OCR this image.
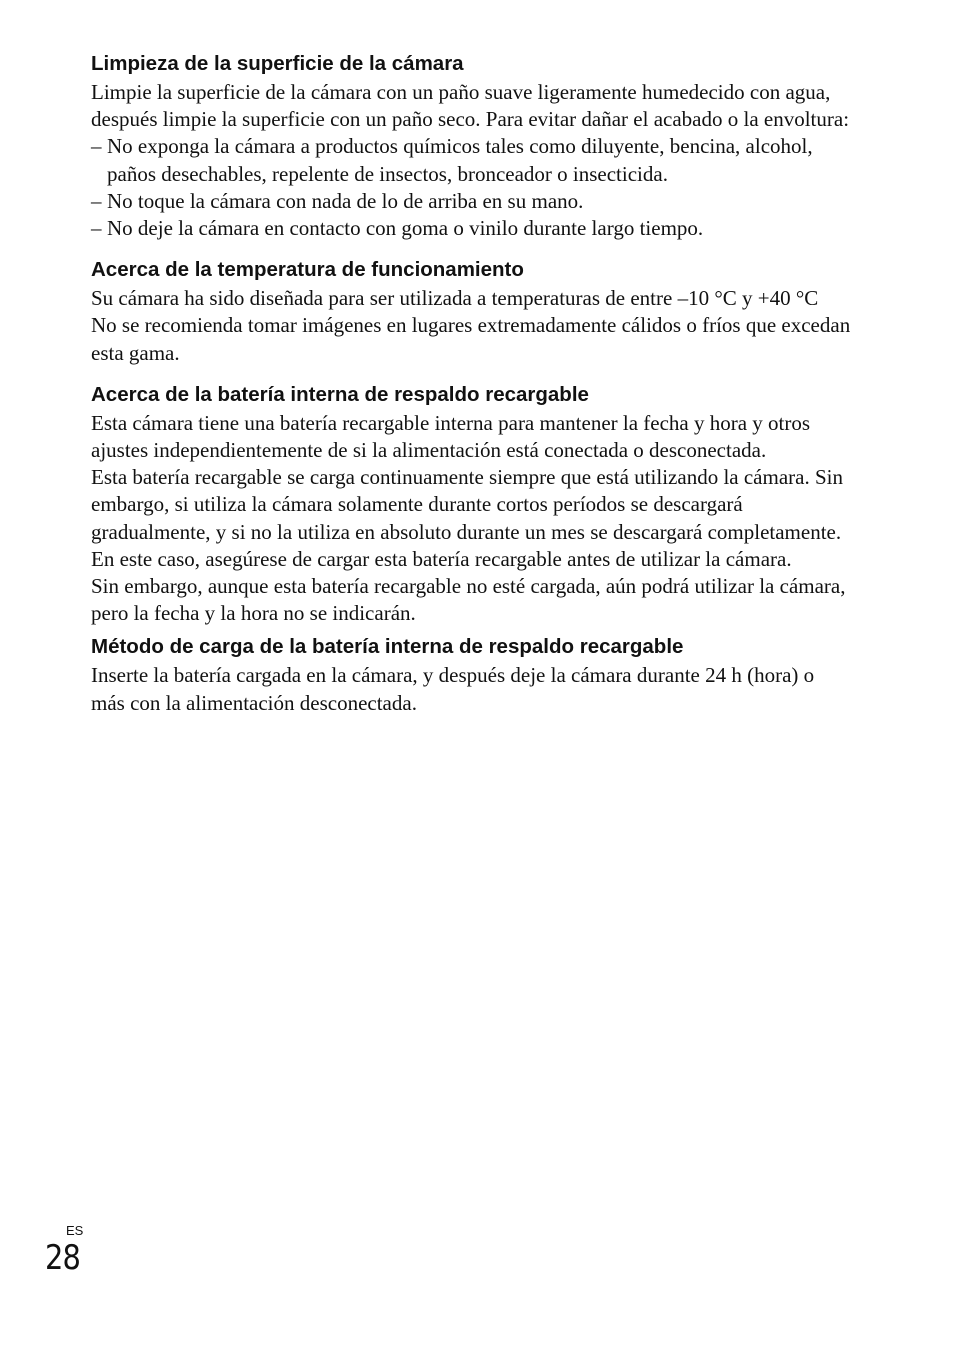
Limpieza de la superficie de la cámara

Limpie la superficie de la cámara con un paño suave ligeramente humedecido con agua, después limpie la superficie con un paño seco. Para evitar dañar el acabado o la envoltura:

– No exponga la cámara a productos químicos tales como diluyente, bencina, alcohol, paños desechables, repelente de insectos, bronceador o insecticida.
– No toque la cámara con nada de lo de arriba en su mano.
– No deje la cámara en contacto con goma o vinilo durante largo tiempo.
Acerca de la temperatura de funcionamiento

Su cámara ha sido diseñada para ser utilizada a temperaturas de entre –10 °C y +40 °C

No se recomienda tomar imágenes en lugares extremadamente cálidos o fríos que excedan esta gama.

Acerca de la batería interna de respaldo recargable

Esta cámara tiene una batería recargable interna para mantener la fecha y hora y otros ajustes independientemente de si la alimentación está conectada o desconectada.

Esta batería recargable se carga continuamente siempre que está utilizando la cámara. Sin embargo, si utiliza la cámara solamente durante cortos períodos se descargará gradualmente, y si no la utiliza en absoluto durante un mes se descargará completamente. En este caso, asegúrese de cargar esta batería recargable antes de utilizar la cámara.

Sin embargo, aunque esta batería recargable no esté cargada, aún podrá utilizar la cámara, pero la fecha y la hora no se indicarán.

Método de carga de la batería interna de respaldo recargable

Inserte la batería cargada en la cámara, y después deje la cámara durante 24 h (hora) o más con la alimentación desconectada.

ES
28
